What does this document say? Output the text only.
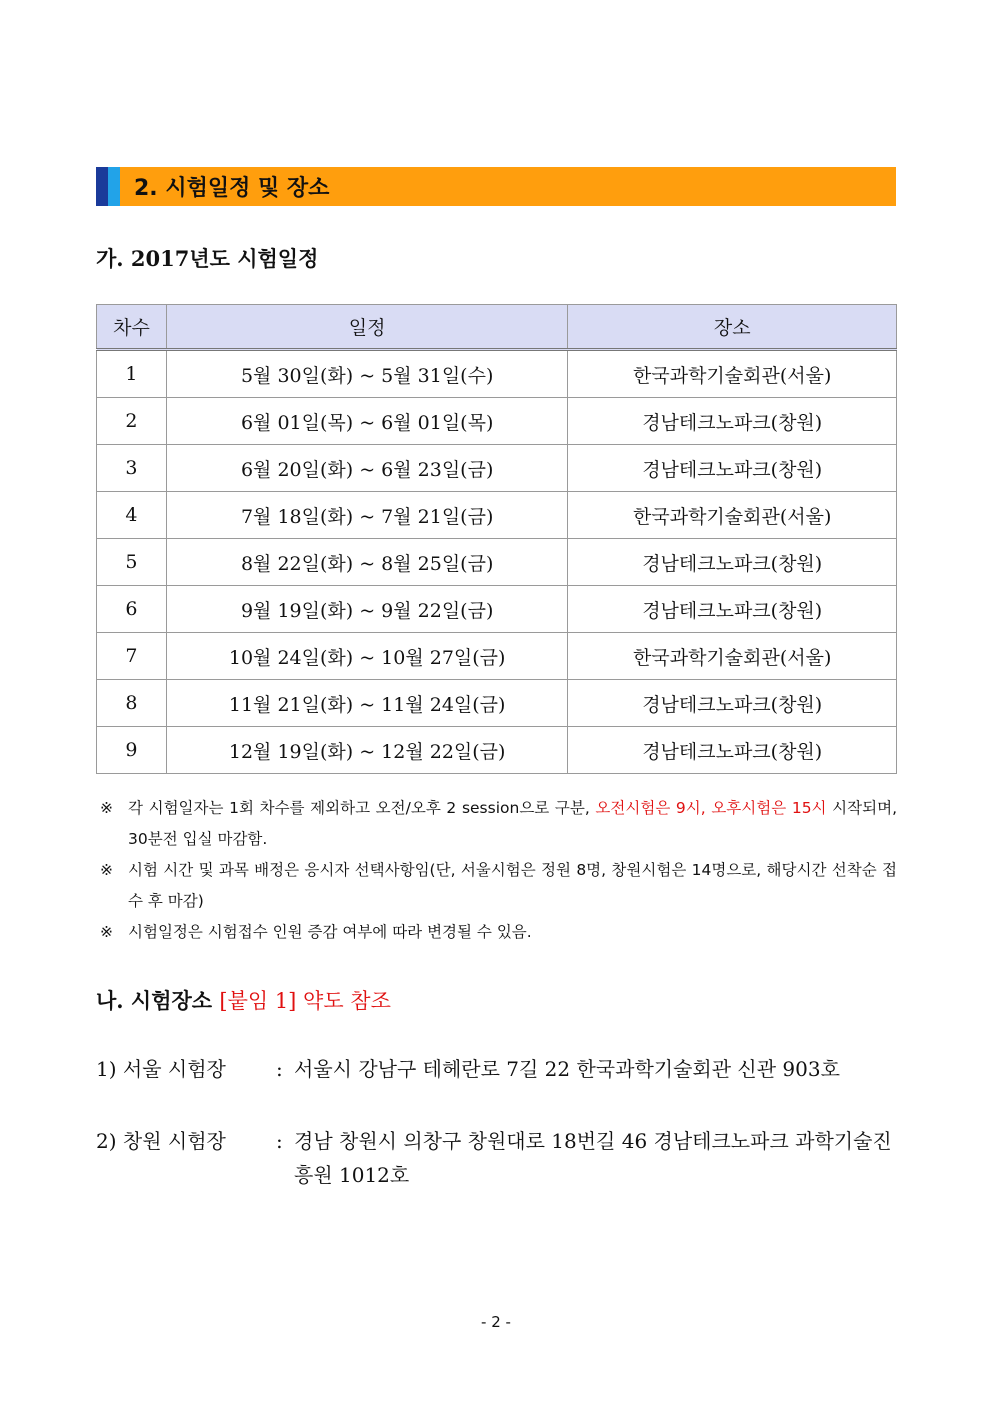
2. 시험일정 및 장소
가. 2017년도 시험일정
차수	일정	장소
1	5월 30일(화) ~ 5월 31일(수)	한국과학기술회관(서울)
2	6월 01일(목) ~ 6월 01일(목)	경남테크노파크(창원)
3	6월 20일(화) ~ 6월 23일(금)	경남테크노파크(창원)
4	7월 18일(화) ~ 7월 21일(금)	한국과학기술회관(서울)
5	8월 22일(화) ~ 8월 25일(금)	경남테크노파크(창원)
6	9월 19일(화) ~ 9월 22일(금)	경남테크노파크(창원)
7	10월 24일(화) ~ 10월 27일(금)	한국과학기술회관(서울)
8	11월 21일(화) ~ 11월 24일(금)	경남테크노파크(창원)
9	12월 19일(화) ~ 12월 22일(금)	경남테크노파크(창원)
※ 각 시험일자는 1회 차수를 제외하고 오전/오후 2 session으로 구분, 오전시험은 9시, 오후시험은 15시 시작되며, 30분전 입실 마감함.
※ 시험 시간 및 과목 배정은 응시자 선택사항임(단, 서울시험은 정원 8명, 창원시험은 14명으로, 해당시간 선착순 접수 후 마감)
※ 시험일정은 시험접수 인원 증감 여부에 따라 변경될 수 있음.
나. 시험장소 [붙임 1] 약도 참조
1) 서울 시험장	: 서울시 강남구 테헤란로 7길 22 한국과학기술회관 신관 903호
2) 창원 시험장	: 경남 창원시 의창구 창원대로 18번길 46 경남테크노파크 과학기술진흥원 1012호
- 2 -
